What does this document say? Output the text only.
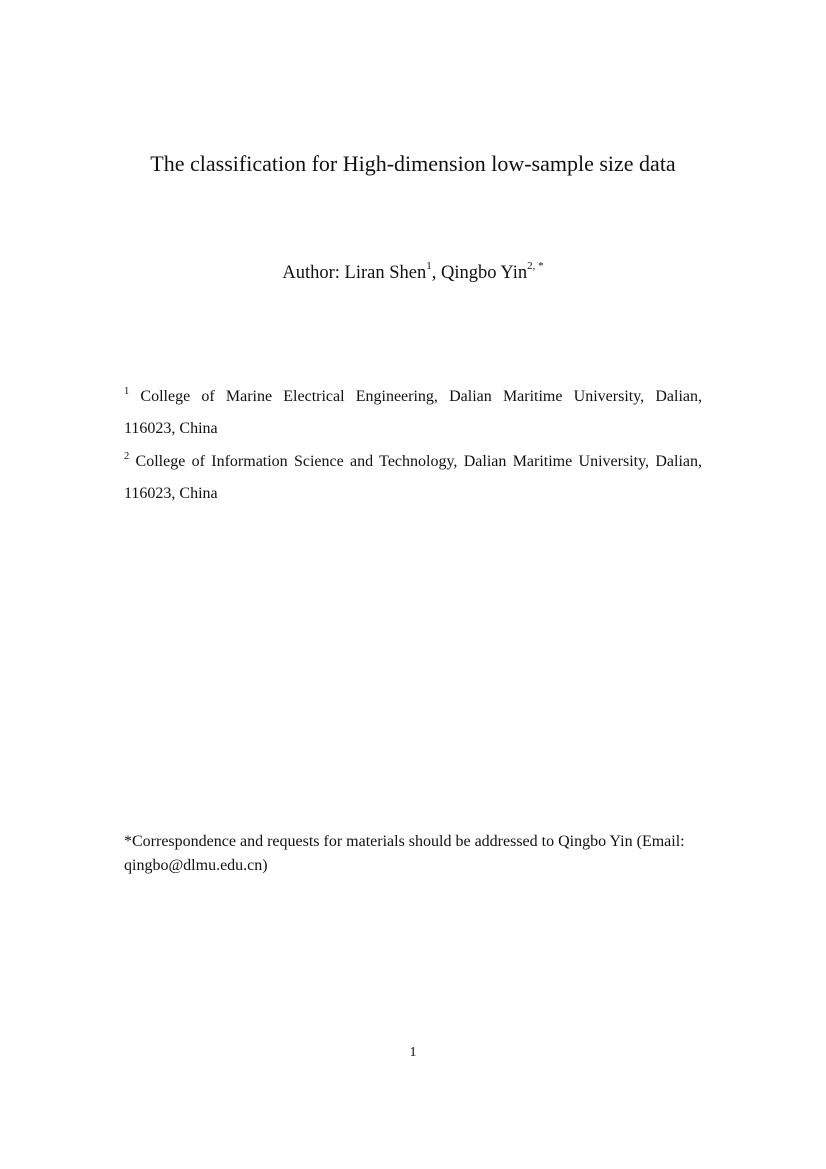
The classification for High-dimension low-sample size data
Author: Liran Shen$^1$, Qingbo Yin$^{2, *}$
$^1$ College of Marine Electrical Engineering, Dalian Maritime University, Dalian,
116023, China
$^2$ College of Information Science and Technology, Dalian Maritime University, Dalian,
116023, China
*Correspondence and requests for materials should be addressed to Qingbo Yin (Email:
qingbo@dlmu.edu.cn)
1
